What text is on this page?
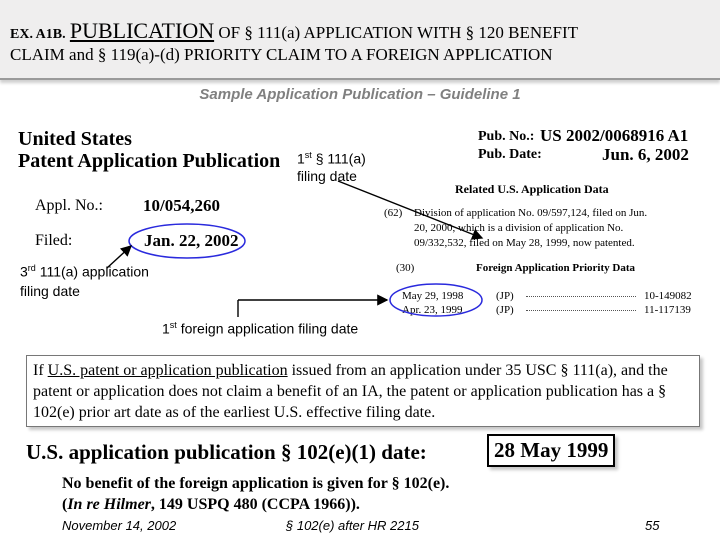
EX. A1B. PUBLICATION OF § 111(a) APPLICATION WITH § 120 BENEFIT
CLAIM and § 119(a)-(d) PRIORITY CLAIM TO A FOREIGN APPLICATION
Sample Application Publication – Guideline 1
United States
Patent Application Publication
Appl. No.: 10/054,260
Filed:	Jan. 22, 2002
Pub. No.: US 2002/0068916 A1
Pub. Date:	Jun. 6, 2002
Related U.S. Application Data
(62) Division of application No. 09/597,124, filed on Jun.
20, 2000, which is a division of application No.
09/332,532, filed on May 28, 1999, now patented.
(30)	Foreign Application Priority Data
May 29, 1998	(JP)	10-149082
Apr. 23, 1999	(JP)	11-117139
1st § 111(a)
filing date
3rd 111(a) application
filing date
1st foreign application filing date
If U.S. patent or application publication issued from an application under 35 USC § 111(a), and the patent or application does not claim a benefit of an IA, the patent or application publication has a § 102(e) prior art date as of the earliest U.S. effective filing date.
U.S. application publication § 102(e)(1) date:	28 May 1999
No benefit of the foreign application is given for § 102(e).
(In re Hilmer, 149 USPQ 480 (CCPA 1966)).
November 14, 2002	§ 102(e) after HR 2215	55
